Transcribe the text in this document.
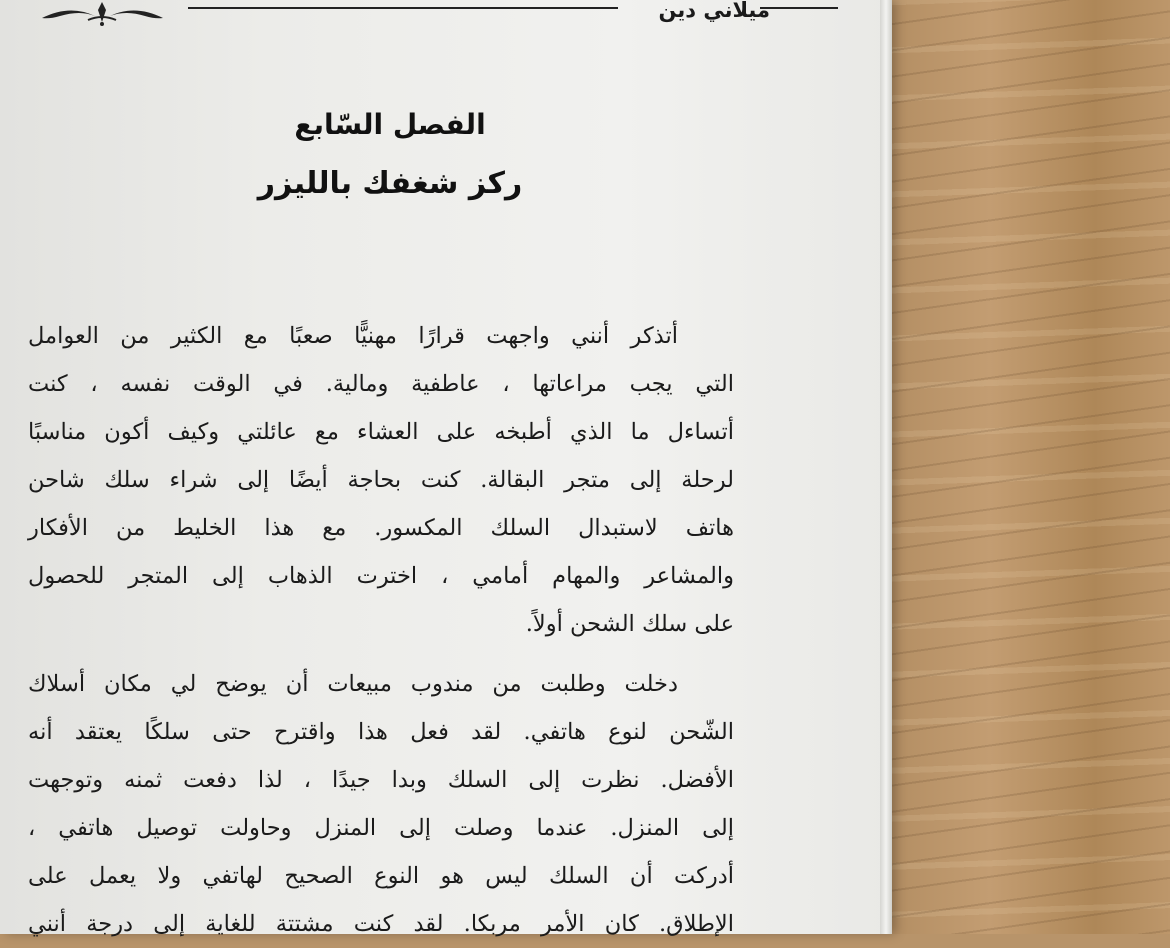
ميلاني دين
الفصل السّابع
ركز شغفك بالليزر
أتذكر أنني واجهت قرارًا مهنيًّا صعبًا مع الكثير من العوامل
التي يجب مراعاتها ، عاطفية ومالية. في الوقت نفسه ، كنت
أتساءل ما الذي أطبخه على العشاء مع عائلتي وكيف أكون مناسبًا
لرحلة إلى متجر البقالة. كنت بحاجة أيضًا إلى شراء سلك شاحن
هاتف لاستبدال السلك المكسور. مع هذا الخليط من الأفكار
والمشاعر والمهام أمامي ، اخترت الذهاب إلى المتجر للحصول
على سلك الشحن أولاً.
دخلت وطلبت من مندوب مبيعات أن يوضح لي مكان أسلاك
الشّحن لنوع هاتفي. لقد فعل هذا واقترح حتى سلكًا يعتقد أنه
الأفضل. نظرت إلى السلك وبدا جيدًا ، لذا دفعت ثمنه وتوجهت
إلى المنزل. عندما وصلت إلى المنزل وحاولت توصيل هاتفي ،
أدركت أن السلك ليس هو النوع الصحيح لهاتفي ولا يعمل على
الإطلاق. كان الأمر مربكا. لقد كنت مشتتة للغاية إلى درجة أنني
